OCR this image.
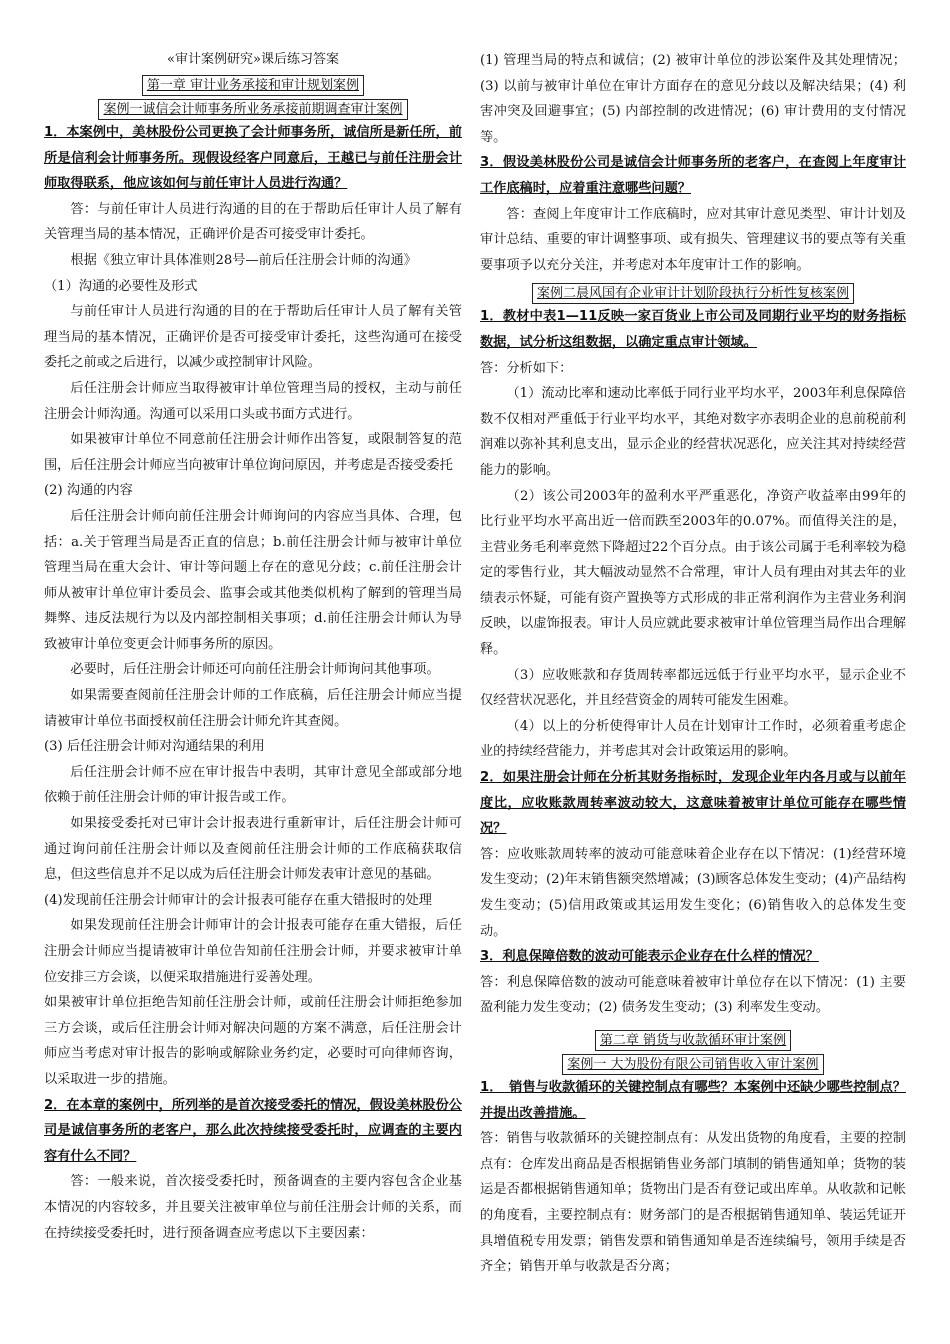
«审计案例研究»课后练习答案

第一章 审计业务承接和审计规划案例
案例一诚信会计师事务所业务承接前期调查审计案例

1．本案例中，美林股份公司更换了会计师事务所，诚信所是新任所，前所是信利会计师事务所。现假设经客户同意后，王越已与前任注册会计师取得联系，他应该如何与前任审计人员进行沟通？

答：与前任审计人员进行沟通的目的在于帮助后任审计人员了解有关管理当局的基本情况，正确评价是否可接受审计委托。

根据《独立审计具体准则28号—前后任注册会计师的沟通》

（1）沟通的必要性及形式

与前任审计人员进行沟通的目的在于帮助后任审计人员了解有关管理当局的基本情况，正确评价是否可接受审计委托，这些沟通可在接受委托之前或之后进行，以减少或控制审计风险。

后任注册会计师应当取得被审计单位管理当局的授权，主动与前任注册会计师沟通。沟通可以采用口头或书面方式进行。

如果被审计单位不同意前任注册会计师作出答复，或限制答复的范围，后任注册会计师应当向被审计单位询问原因，并考虑是否接受委托

(2) 沟通的内容

后任注册会计师向前任注册会计师询问的内容应当具体、合理，包括：a.关于管理当局是否正直的信息；b.前任注册会计师与被审计单位管理当局在重大会计、审计等问题上存在的意见分歧；c.前任注册会计师从被审计单位审计委员会、监事会或其他类似机构了解到的管理当局舞弊、违反法规行为以及内部控制相关事项；d.前任注册会计师认为导致被审计单位变更会计师事务所的原因。

必要时，后任注册会计师还可向前任注册会计师询问其他事项。

如果需要查阅前任注册会计师的工作底稿，后任注册会计师应当提请被审计单位书面授权前任注册会计师允许其查阅。

(3) 后任注册会计师对沟通结果的利用

后任注册会计师不应在审计报告中表明，其审计意见全部或部分地依赖于前任注册会计师的审计报告或工作。

如果接受委托对已审计会计报表进行重新审计，后任注册会计师可通过询问前任注册会计师以及查阅前任注册会计师的工作底稿获取信息，但这些信息并不足以成为后任注册会计师发表审计意见的基础。

(4)发现前任注册会计师审计的会计报表可能存在重大错报时的处理

如果发现前任注册会计师审计的会计报表可能存在重大错报，后任注册会计师应当提请被审计单位告知前任注册会计师，并要求被审计单位安排三方会谈，以便采取措施进行妥善处理。

如果被审计单位拒绝告知前任注册会计师，或前任注册会计师拒绝参加三方会谈，或后任注册会计师对解决问题的方案不满意，后任注册会计师应当考虑对审计报告的影响或解除业务约定，必要时可向律师咨询，以采取进一步的措施。

2．在本章的案例中，所列举的是首次接受委托的情况，假设美林股份公司是诚信事务所的老客户，那么此次持续接受委托时，应调查的主要内容有什么不同？

答：一般来说，首次接受委托时，预备调查的主要内容包含企业基本情况的内容较多，并且要关注被审单位与前任注册会计师的关系，而在持续接受委托时，进行预备调查应考虑以下主要因素：

(1) 管理当局的特点和诚信；(2) 被审计单位的涉讼案件及其处理情况；(3) 以前与被审计单位在审计方面存在的意见分歧以及解决结果；(4) 利害冲突及回避事宜；(5) 内部控制的改进情况；(6) 审计费用的支付情况等。

3．假设美林股份公司是诚信会计师事务所的老客户，在查阅上年度审计工作底稿时，应着重注意哪些问题？

答：查阅上年度审计工作底稿时，应对其审计意见类型、审计计划及审计总结、重要的审计调整事项、或有损失、管理建议书的要点等有关重要事项予以充分关注，并考虑对本年度审计工作的影响。

案例二晨风国有企业审计计划阶段执行分析性复核案例

1．教材中表1—11反映一家百货业上市公司及同期行业平均的财务指标数据，试分析这组数据，以确定重点审计领域。

答：分析如下：

（1）流动比率和速动比率低于同行业平均水平，2003年利息保障倍数不仅相对严重低于行业平均水平，其绝对数字亦表明企业的息前税前利润难以弥补其利息支出，显示企业的经营状况恶化，应关注其对持续经营能力的影响。

（2）该公司2003年的盈利水平严重恶化，净资产收益率由99年的比行业平均水平高出近一倍而跌至2003年的0.07%。而值得关注的是，主营业务毛利率竟然下降超过22个百分点。由于该公司属于毛利率较为稳定的零售行业，其大幅波动显然不合常理，审计人员有理由对其去年的业绩表示怀疑，可能有资产置换等方式形成的非正常利润作为主营业务利润反映，以虚饰报表。审计人员应就此要求被审计单位管理当局作出合理解释。

（3）应收账款和存货周转率都远远低于行业平均水平，显示企业不仅经营状况恶化，并且经营资金的周转可能发生困难。

（4）以上的分析使得审计人员在计划审计工作时，必须着重考虑企业的持续经营能力，并考虑其对会计政策运用的影响。

2．如果注册会计师在分析其财务指标时，发现企业年内各月或与以前年度比，应收账款周转率波动较大，这意味着被审计单位可能存在哪些情况？

答：应收账款周转率的波动可能意味着企业存在以下情况：(1)经营环境发生变动；(2)年末销售额突然增减；(3)顾客总体发生变动；(4)产品结构发生变动；(5)信用政策或其运用发生变化；(6)销售收入的总体发生变动。

3．利息保障倍数的波动可能表示企业存在什么样的情况？

答：利息保障倍数的波动可能意味着被审计单位存在以下情况：(1) 主要盈利能力发生变动；(2) 债务发生变动；(3) 利率发生变动。

第二章 销货与收款循环审计案例
案例一 大为股份有限公司销售收入审计案例

1．　销售与收款循环的关键控制点有哪些？本案例中还缺少哪些控制点？并提出改善措施。

答：销售与收款循环的关键控制点有：从发出货物的角度看，主要的控制点有：仓库发出商品是否根据销售业务部门填制的销售通知单；货物的装运是否都根据销售通知单；货物出门是否有登记或出库单。从收款和记帐的角度看，主要控制点有：财务部门的是否根据销售通知单、装运凭证开具增值税专用发票；销售发票和销售通知单是否连续编号，领用手续是否齐全；销售开单与收款是否分离；
